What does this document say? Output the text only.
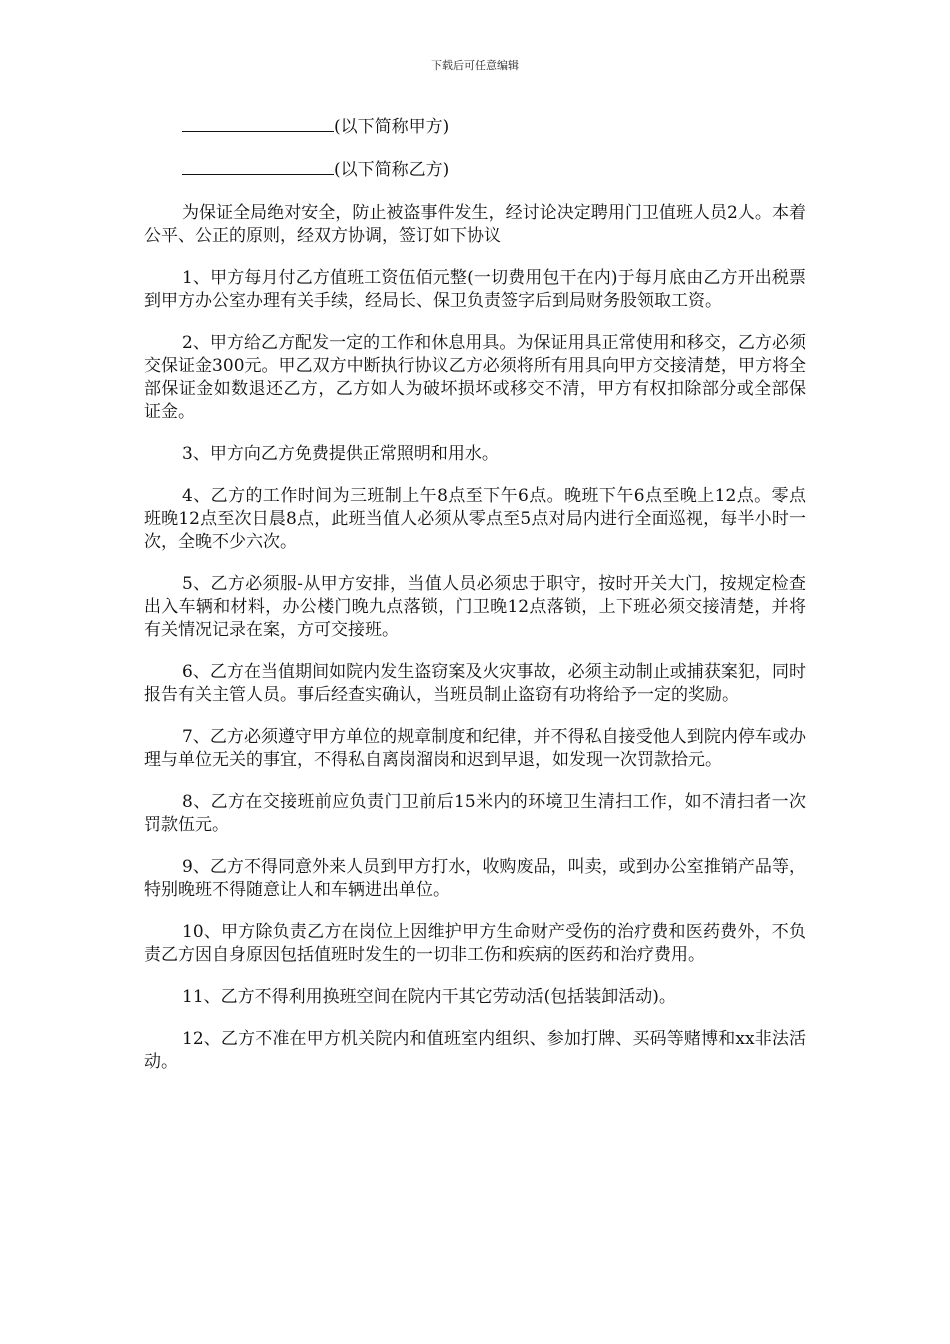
下载后可任意编辑

(以下简称甲方)

(以下简称乙方)

为保证全局绝对安全，防止被盗事件发生，经讨论决定聘用门卫值班人员2人。本着公平、公正的原则，经双方协调，签订如下协议

1、甲方每月付乙方值班工资伍佰元整(一切费用包干在内)于每月底由乙方开出税票到甲方办公室办理有关手续，经局长、保卫负责签字后到局财务股领取工资。

2、甲方给乙方配发一定的工作和休息用具。为保证用具正常使用和移交，乙方必须交保证金300元。甲乙双方中断执行协议乙方必须将所有用具向甲方交接清楚，甲方将全部保证金如数退还乙方，乙方如人为破坏损坏或移交不清，甲方有权扣除部分或全部保证金。

3、甲方向乙方免费提供正常照明和用水。

4、乙方的工作时间为三班制上午8点至下午6点。晚班下午6点至晚上12点。零点班晚12点至次日晨8点，此班当值人必须从零点至5点对局内进行全面巡视，每半小时一次，全晚不少六次。

5、乙方必须服-从甲方安排，当值人员必须忠于职守，按时开关大门，按规定检查出入车辆和材料，办公楼门晚九点落锁，门卫晚12点落锁，上下班必须交接清楚，并将有关情况记录在案，方可交接班。

6、乙方在当值期间如院内发生盗窃案及火灾事故，必须主动制止或捕获案犯，同时报告有关主管人员。事后经查实确认，当班员制止盗窃有功将给予一定的奖励。

7、乙方必须遵守甲方单位的规章制度和纪律，并不得私自接受他人到院内停车或办理与单位无关的事宜，不得私自离岗溜岗和迟到早退，如发现一次罚款拾元。

8、乙方在交接班前应负责门卫前后15米内的环境卫生清扫工作，如不清扫者一次罚款伍元。

9、乙方不得同意外来人员到甲方打水，收购废品，叫卖，或到办公室推销产品等，特别晚班不得随意让人和车辆进出单位。

10、甲方除负责乙方在岗位上因维护甲方生命财产受伤的治疗费和医药费外，不负责乙方因自身原因包括值班时发生的一切非工伤和疾病的医药和治疗费用。

11、乙方不得利用换班空间在院内干其它劳动活(包括装卸活动)。

12、乙方不准在甲方机关院内和值班室内组织、参加打牌、买码等赌博和xx非法活动。
